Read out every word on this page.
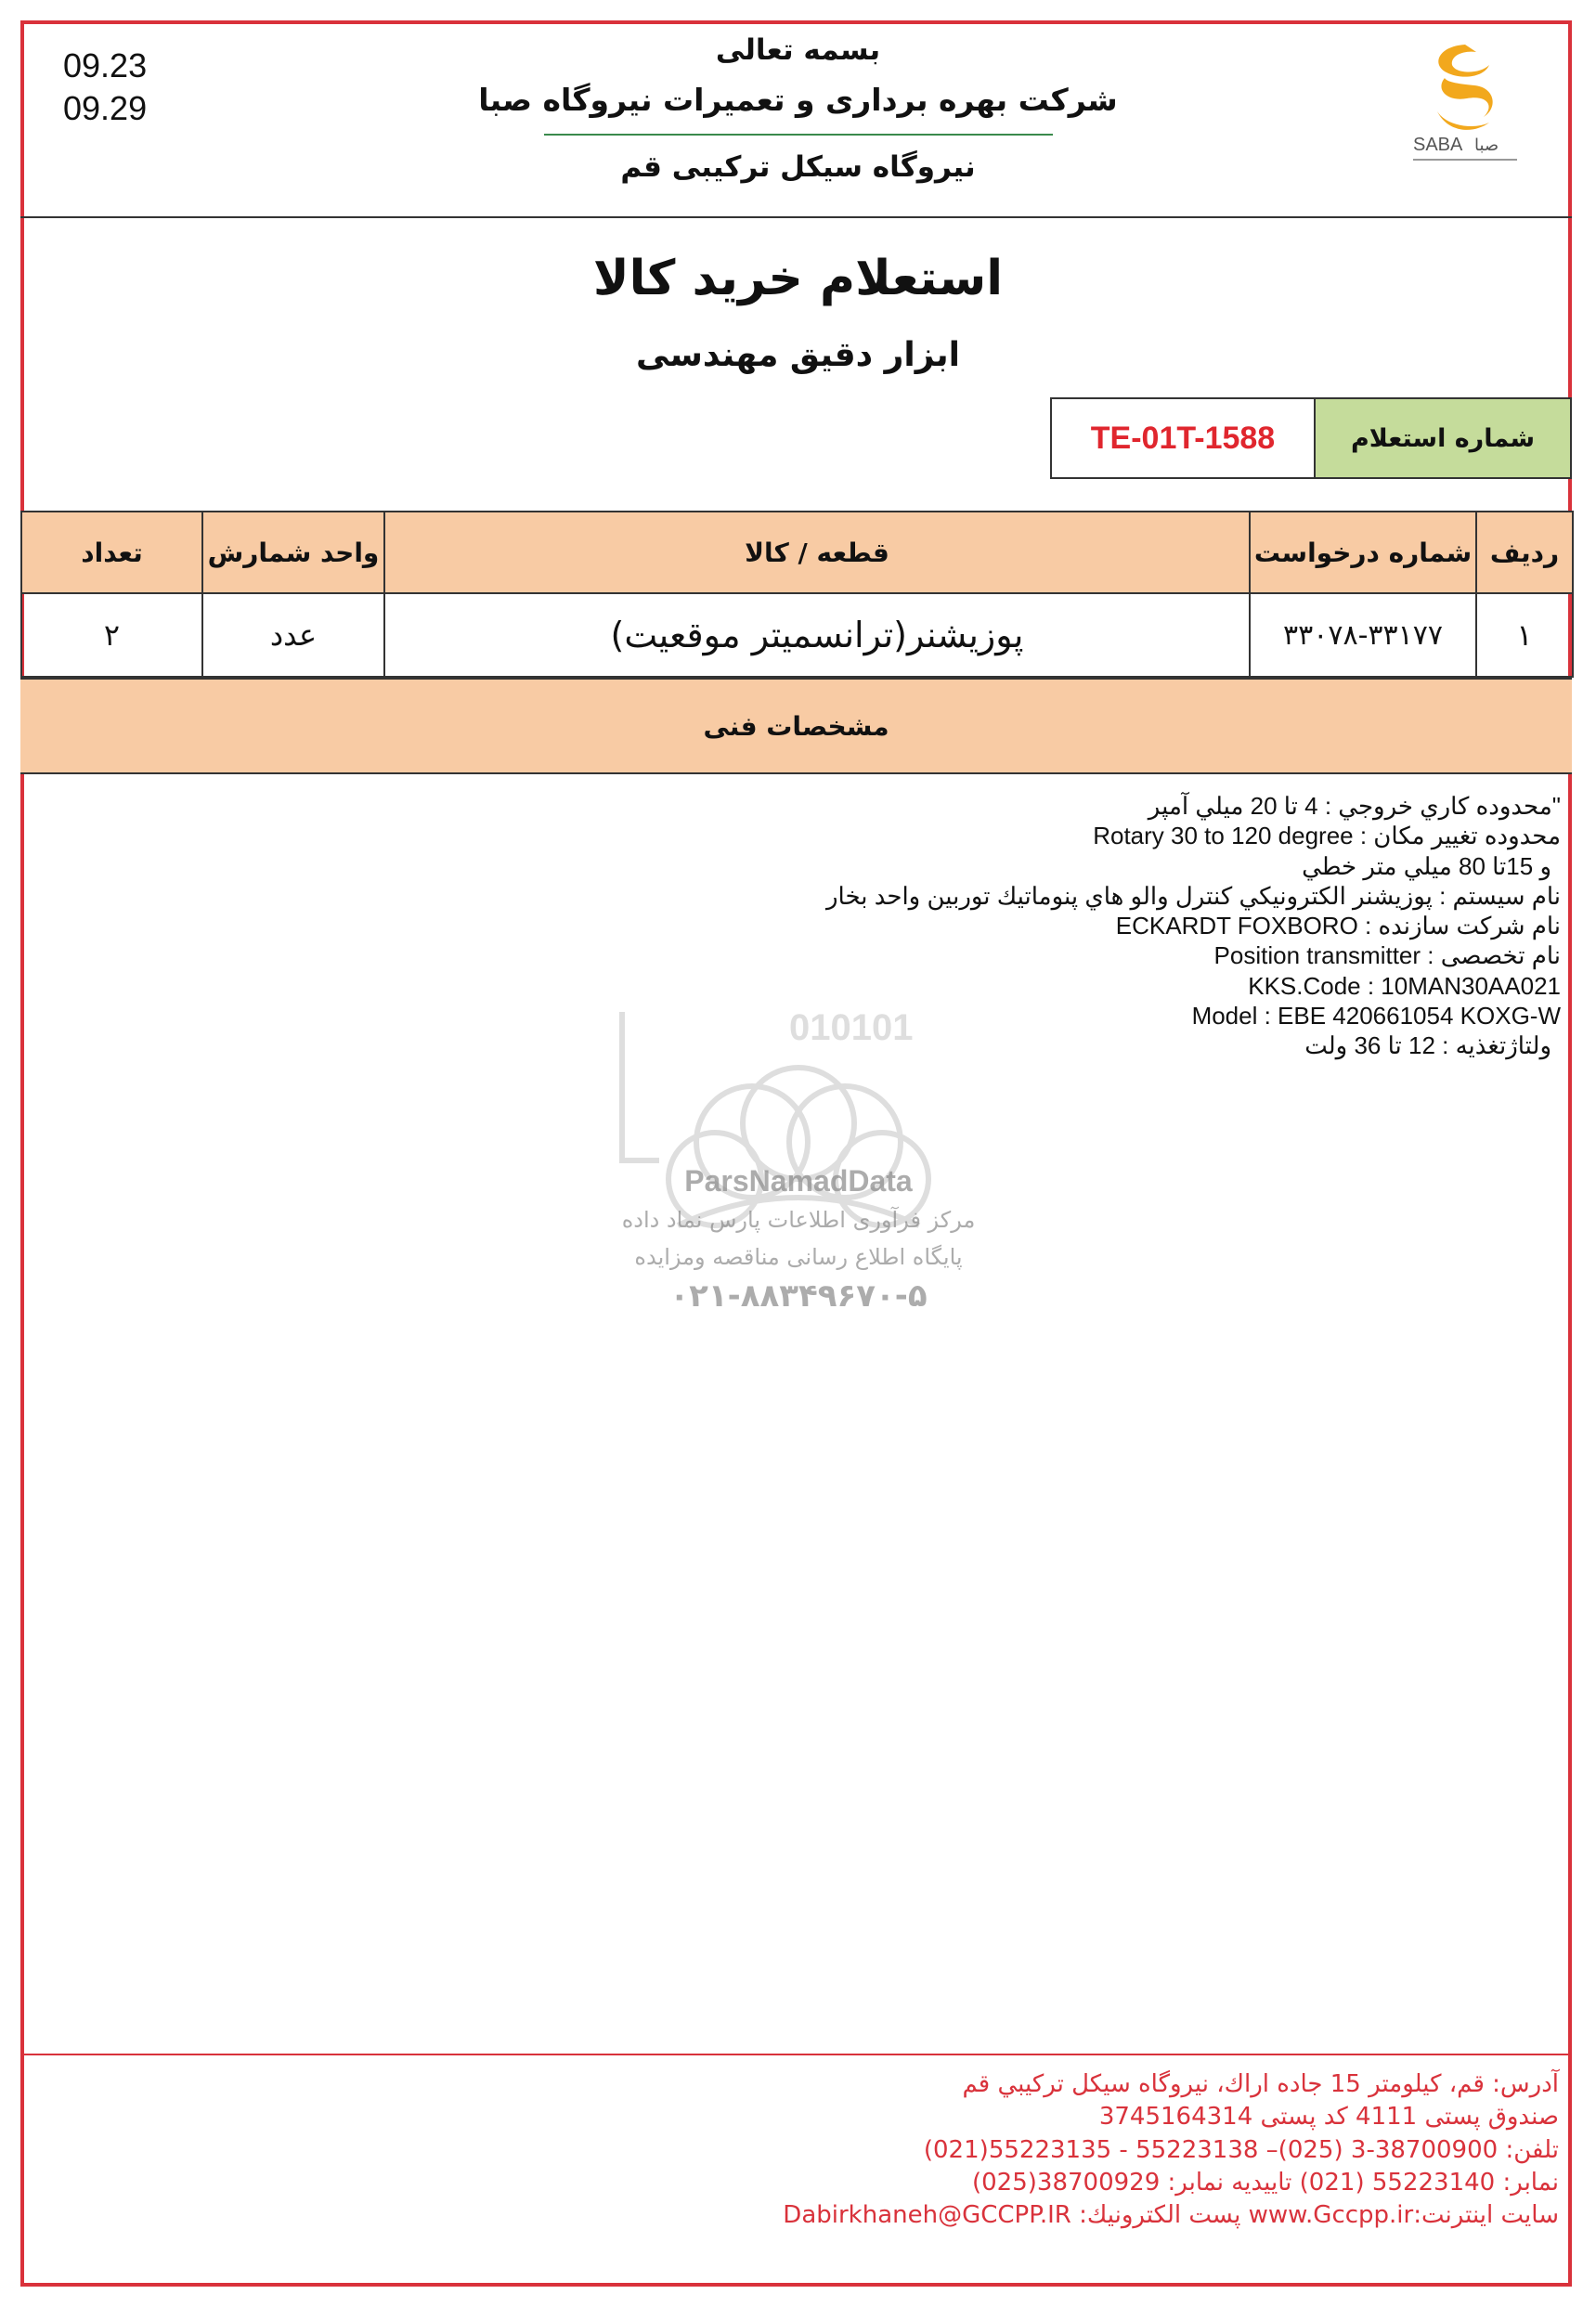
09.23
09.29
SABA صبا
بسمه تعالی
شرکت بهره برداری و تعمیرات نیروگاه صبا
نیروگاه سیکل ترکیبی قم
استعلام خرید کالا
ابزار دقیق مهندسی
TE-01T-1588	شماره استعلام
ردیف	شماره درخواست	قطعه / کالا	واحد شمارش	تعداد
۱	۳۳۰۷۸-۳۳۱۷۷	پوزیشنر(ترانسمیتر موقعیت)	عدد	۲
مشخصات فنی
"محدوده كاري خروجي : 4 تا 20 ميلي آمپر
محدوده تغيير مكان : Rotary 30 to 120 degree
و 15تا 80 ميلي متر خطي
نام سیستم : پوزيشنر الكترونيكي كنترل والو هاي پنوماتيك توربين واحد بخار
نام شرکت سازنده : ECKARDT FOXBORO
نام تخصصی : Position transmitter
KKS.Code : 10MAN30AA021
Model : EBE 420661054 KOXG-W
ولتاژتغذيه : 12 تا 36 ولت
010101
ParsNamadData
مرکز فرآوری اطلاعات پارس نماد داده
پایگاه اطلاع رسانی مناقصه ومزایده
۰۲۱-۸۸۳۴۹۶۷۰-۵
آدرس: قم، كيلومتر 15 جاده اراك، نيروگاه سيكل تركيبي قم
صندوق پستی 4111 كد پستی 3745164314
تلفن: 38700900-3 (025)– 55223138 - 55223135(021)
نمابر: 55223140 (021) تاییدیه نمابر: 38700929(025)
سایت اینترنت:www.Gccpp.ir پست الكترونيك: Dabirkhaneh@GCCPP.IR
